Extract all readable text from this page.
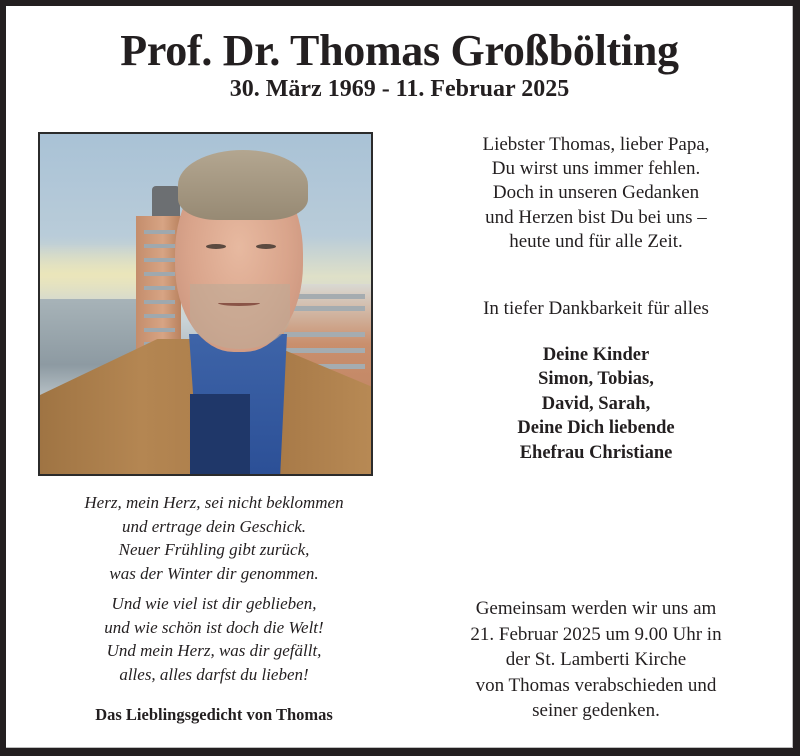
Prof. Dr. Thomas Großbölting
30. März 1969 - 11. Februar 2025
Liebster Thomas, lieber Papa,
Du wirst uns immer fehlen.
Doch in unseren Gedanken
und Herzen bist Du bei uns –
heute und für alle Zeit.
In tiefer Dankbarkeit für alles
Deine Kinder
Simon, Tobias,
David, Sarah,
Deine Dich liebende
Ehefrau Christiane
Herz, mein Herz, sei nicht beklommen
und ertrage dein Geschick.
Neuer Frühling gibt zurück,
was der Winter dir genommen.
Und wie viel ist dir geblieben,
und wie schön ist doch die Welt!
Und mein Herz, was dir gefällt,
alles, alles darfst du lieben!
Das Lieblingsgedicht von Thomas
Gemeinsam werden wir uns am
21. Februar 2025 um 9.00 Uhr in
der St. Lamberti Kirche
von Thomas verabschieden und
seiner gedenken.
